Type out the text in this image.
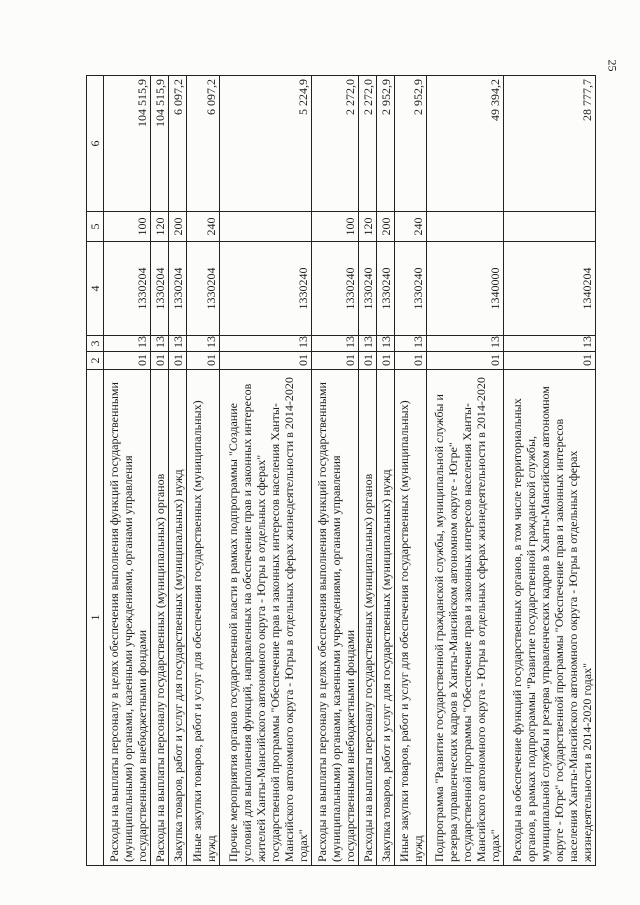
25
1	2	3	4	5	6
Расходы на выплаты персоналу в целях обеспечения выполнения функций государственными (муниципальными) органами, казенными учреждениями, органами управления государственными внебюджетными фондами	01	13	1330204	100	104 515,9
Расходы на выплаты персоналу государственных (муниципальных) органов	01	13	1330204	120	104 515,9
Закупка товаров, работ и услуг для государственных (муниципальных) нужд	01	13	1330204	200	6 097,2
Иные закупки товаров, работ и услуг для обеспечения государственных (муниципальных) нужд	01	13	1330204	240	6 097,2
Прочие мероприятия органов государственной власти в рамках подпрограммы "Создание условий для выполнения функций, направленных на обеспечение прав и законных интересов жителей Ханты-Мансийского автономного округа - Югры в отдельных сферах" государственной программы "Обеспечение прав и законных интересов населения Ханты-Мансийского автономного округа - Югры в отдельных сферах жизнедеятельности в 2014-2020 годах"	01	13	1330240		5 224,9
Расходы на выплаты персоналу в целях обеспечения выполнения функций государственными (муниципальными) органами, казенными учреждениями, органами управления государственными внебюджетными фондами	01	13	1330240	100	2 272,0
Расходы на выплаты персоналу государственных (муниципальных) органов	01	13	1330240	120	2 272,0
Закупка товаров, работ и услуг для государственных (муниципальных) нужд	01	13	1330240	200	2 952,9
Иные закупки товаров, работ и услуг для обеспечения государственных (муниципальных) нужд	01	13	1330240	240	2 952,9
Подпрограмма "Развитие государственной гражданской службы, муниципальной службы и резерва управленческих кадров в Ханты-Мансийском автономном округе - Югре" государственной программы "Обеспечение прав и законных интересов населения Ханты-Мансийского автономного округа - Югры в отдельных сферах жизнедеятельности в 2014-2020 годах"	01	13	1340000		49 394,2
Расходы на обеспечение функций государственных органов, в том числе территориальных органов, в рамках подпрограммы "Развитие государственной гражданской службы, муниципальной службы и резерва управленческих кадров в Ханты-Мансийском автономном округе - Югре" государственной программы "Обеспечение прав и законных интересов населения Ханты-Мансийского автономного округа - Югры в отдельных сферах жизнедеятельности в 2014-2020 годах"	01	13	1340204		28 777,7
